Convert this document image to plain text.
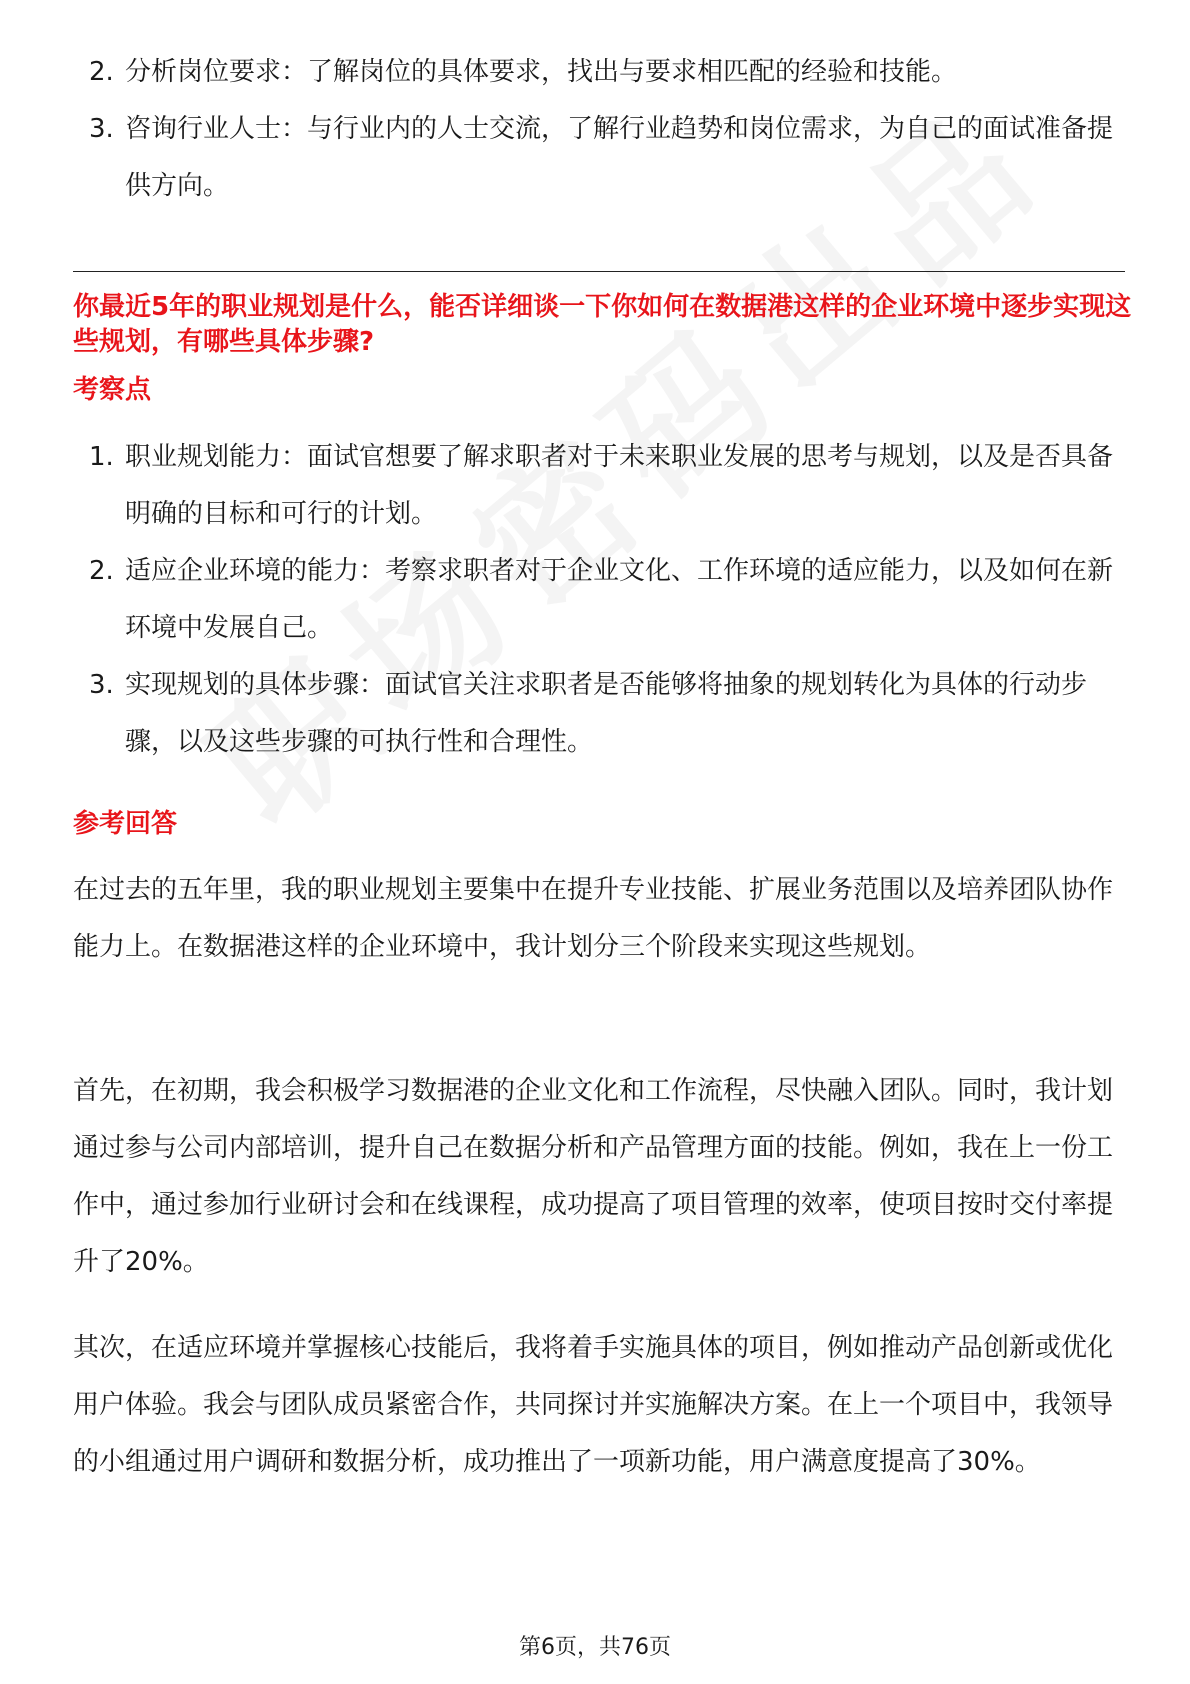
2. 分析岗位要求：了解岗位的具体要求，找出与要求相匹配的经验和技能。
3. 咨询行业人士：与行业内的人士交流，了解行业趋势和岗位需求，为自己的面试准备提供方向。
你最近5年的职业规划是什么，能否详细谈一下你如何在数据港这样的企业环境中逐步实现这些规划，有哪些具体步骤?
考察点
1. 职业规划能力：面试官想要了解求职者对于未来职业发展的思考与规划，以及是否具备明确的目标和可行的计划。
2. 适应企业环境的能力：考察求职者对于企业文化、工作环境的适应能力，以及如何在新环境中发展自己。
3. 实现规划的具体步骤：面试官关注求职者是否能够将抽象的规划转化为具体的行动步骤，以及这些步骤的可执行性和合理性。
参考回答

在过去的五年里，我的职业规划主要集中在提升专业技能、扩展业务范围以及培养团队协作能力上。在数据港这样的企业环境中，我计划分三个阶段来实现这些规划。

首先，在初期，我会积极学习数据港的企业文化和工作流程，尽快融入团队。同时，我计划通过参与公司内部培训，提升自己在数据分析和产品管理方面的技能。例如，我在上一份工作中，通过参加行业研讨会和在线课程，成功提高了项目管理的效率，使项目按时交付率提升了20%。

其次，在适应环境并掌握核心技能后，我将着手实施具体的项目，例如推动产品创新或优化用户体验。我会与团队成员紧密合作，共同探讨并实施解决方案。在上一个项目中，我领导的小组通过用户调研和数据分析，成功推出了一项新功能，用户满意度提高了30%。

第6页，共76页
